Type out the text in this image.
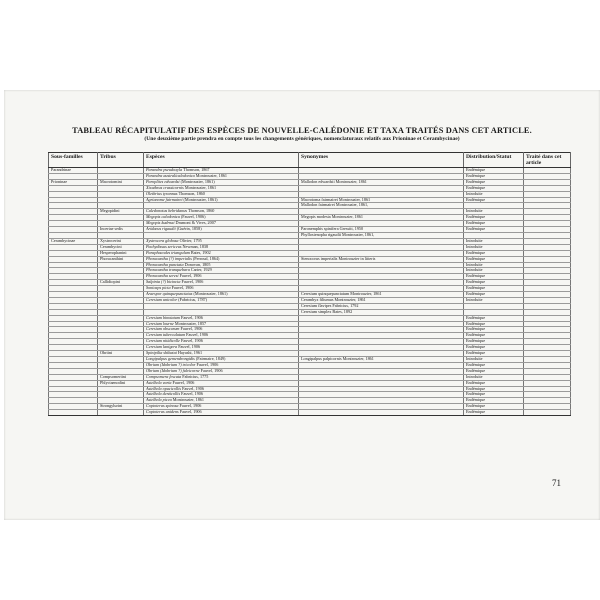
TABLEAU RÉCAPITULATIF DES ESPÈCES DE NOUVELLE-CALÉDONIE ET TAXA TRAITÉS DANS CET ARTICLE.
(Une deuxième partie prendra en compte tous les changements génériques, nomenclaturaux relatifs aux Prioninae et Cerambycinae)
Sous-familles	Tribus	Espèces	Synonymes	Distribution/Statut	Traité dans cet article
Parandrinae		Parandra pseudoxyla Thomson, 1867		Endémique	
		Parandra australicaledonica Montrouzier, 1861		Endémique	
Prioninae	Macrotomini	Paroplites edwardsi (Montrouzier, 1861)	Mallodon edwardsii Montrouzier, 1861	Endémique	
		Xixuthrus crassicornis Montrouzier, 1861		Endémique	
		Olethrius tyrannus Thomson, 1860		Introduite	
		Agrianome fairmairei (Montrouzier, 1861)	Macrotoma fairmairei Montrouzier, 1861	Endémique	
			Mallodon fairmairei Montrouzier, 1861,		
	Megopidini	Caledonotus hebridanus Thomson, 1860		Introduite	
		Megopis caledonica (Fauvel, 1906)	Megopis modesta Montrouzier, 1861	Endémique	
		Megopis kudrnai Drumont & Vives, 2007		Endémique	
	Incertae sedis	Aridaeus rigaudii (Guérin, 1858)	Paronemphis spinifera Gressitt, 1950	Endémique	
			Phyllostenopha rigaudii Montrouzier, 1861,		
Cerambycinae	Xystrocerini	Xystrocera globosa Olivier, 1795		Introduite	
	Cerambycini	Pachydissus sericeus Newman, 1838		Introduite	
	Hesperophanini	Paraphacodes triangulum Bates, 1902		Endémique	
	Phoracanthini	Phoracantha (?) imperialis (Perroud, 1864)	Stenocorus imperialis Montrouzier in litteris	Endémique	
		Phoracantha punctata Donovan, 1805		Introduite	
		Phoracantha tranquebara Carter, 1929		Introduite	
		Phoracantha seresi Fauvel, 1906		Endémique	
	Callidiopini	Salpinia (?) bicincta Fauvel, 1906		Endémique	
		Sonicaps picta Fauvel, 1906		Endémique	
		Araespor quinquepunctatus (Montrouzier, 1861)	Ceresium quinquepunctatum Montrouzier, 1861	Endémique	
		Ceresium unicolor (Fabricius, 1787)	Cerambyx filiumus Montrouzier, 1861	Introduite	
			Ceresium flavipes Fabricius, 1792		
			Ceresium simplex Bates, 1892		
		Ceresium binotatum Fauvel, 1906		Endémique	
		Ceresium lourne Montrouzier, 1857		Endémique	
		Ceresium obscurum Fauvel, 1906		Endémique	
		Ceresium tuberculatum Fauvel, 1906		Endémique	
		Ceresium nitidicolle Fauvel, 1906		Endémique	
		Ceresium lanigera Fauvel, 1906		Endémique	
	Obriini	Spinipilia shibatai Hayashi, 1961		Endémique	
		Longipalpus gemendrongidis (Fairmaire, 1849)	Longipalpus palpicornis Montrouzier, 1861	Introduite	
		Obrium (Idobrium ?) tricolor Fauvel, 1906		Endémique	
		Obrium (Idobrium ?) fulvicorne Fauvel, 1906		Endémique	
	Compsomeriini	Compsomera fescata Fabricius, 1775		Introduite	
	Phlyctaenodini	Astelhela varia Fauvel, 1906		Endémique	
		Astelhela opacicollis Fauvel, 1906		Endémique	
		Astelhela denticollis Fauvel, 1906		Endémique	
		Astelhela picea Montrouzier, 1861		Endémique	
	Strongylurini	Coptoteras spinosa Fauvel, 1906		Endémique	
		Coptoteras unidens Fauvel, 1906		Endémique	
71
